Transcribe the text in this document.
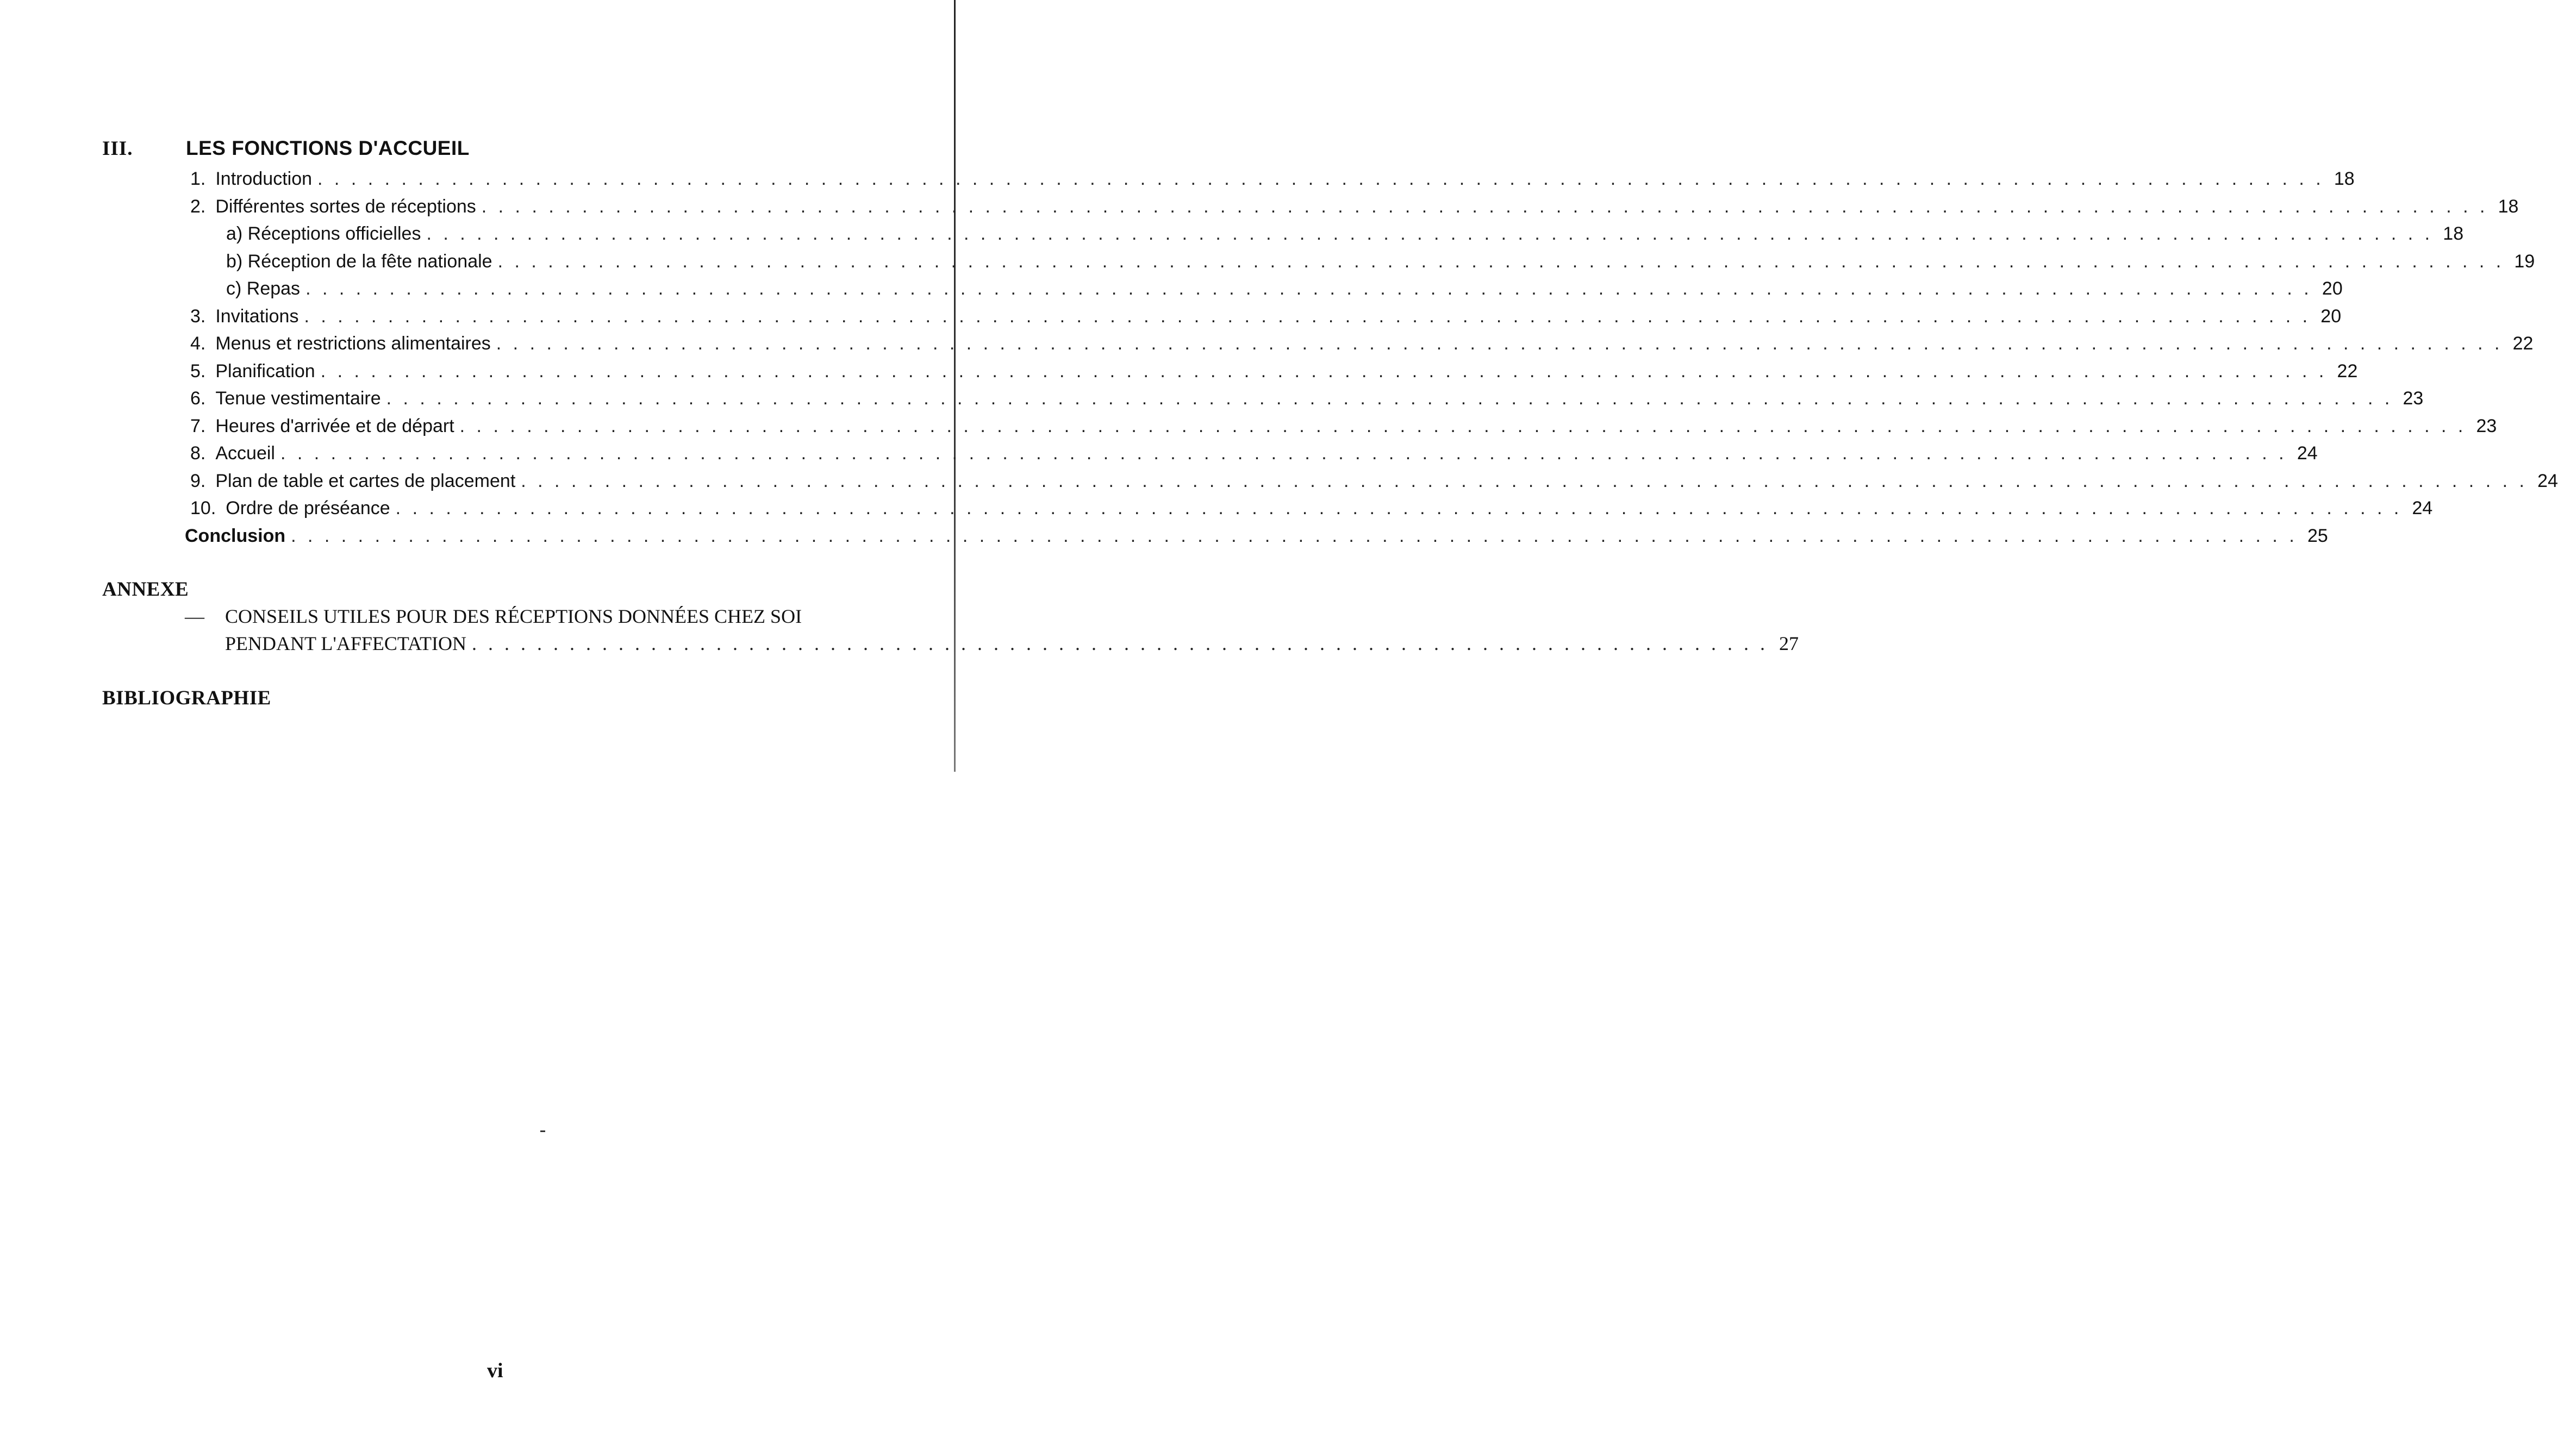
III.	LES FONCTIONS D'ACCUEIL
1. Introduction . . . . . . . . . . . . . . . . . . . . . . . . . . . . . . . . . . . . . . . . . . . . . . . . . . . . . . . . . . . . . . . . . . . . . . . . . . . . . . . . . . . . . . . . . . . . . . . . . . . . . . . . . . . . . . . . . . . . . . . . 18
2. Différentes sortes de réceptions . . . . . . . . . . . . . . . . . . . . . . . . . . . . . . . . . . . . . . . . . . . . . . . . . . . . . . . . . . . . . . . . . . . . . . . . . . . . . . . . . . . . . . . . . . . . . . . . . . . . . . . . . . . . . . . . . . . . . . . . 18
a) Réceptions officielles . . . . . . . . . . . . . . . . . . . . . . . . . . . . . . . . . . . . . . . . . . . . . . . . . . . . . . . . . . . . . . . . . . . . . . . . . . . . . . . . . . . . . . . . . . . . . . . . . . . . . . . . . . . . . . . . . . . . . . . . 18
b) Réception de la fête nationale . . . . . . . . . . . . . . . . . . . . . . . . . . . . . . . . . . . . . . . . . . . . . . . . . . . . . . . . . . . . . . . . . . . . . . . . . . . . . . . . . . . . . . . . . . . . . . . . . . . . . . . . . . . . . . . . . . . . . . . . 19
c) Repas . . . . . . . . . . . . . . . . . . . . . . . . . . . . . . . . . . . . . . . . . . . . . . . . . . . . . . . . . . . . . . . . . . . . . . . . . . . . . . . . . . . . . . . . . . . . . . . . . . . . . . . . . . . . . . . . . . . . . . . . 20
3. Invitations . . . . . . . . . . . . . . . . . . . . . . . . . . . . . . . . . . . . . . . . . . . . . . . . . . . . . . . . . . . . . . . . . . . . . . . . . . . . . . . . . . . . . . . . . . . . . . . . . . . . . . . . . . . . . . . . . . . . . . . . 20
4. Menus et restrictions alimentaires . . . . . . . . . . . . . . . . . . . . . . . . . . . . . . . . . . . . . . . . . . . . . . . . . . . . . . . . . . . . . . . . . . . . . . . . . . . . . . . . . . . . . . . . . . . . . . . . . . . . . . . . . . . . . . . . . . . . . . . . 22
5. Planification . . . . . . . . . . . . . . . . . . . . . . . . . . . . . . . . . . . . . . . . . . . . . . . . . . . . . . . . . . . . . . . . . . . . . . . . . . . . . . . . . . . . . . . . . . . . . . . . . . . . . . . . . . . . . . . . . . . . . . . . 22
6. Tenue vestimentaire . . . . . . . . . . . . . . . . . . . . . . . . . . . . . . . . . . . . . . . . . . . . . . . . . . . . . . . . . . . . . . . . . . . . . . . . . . . . . . . . . . . . . . . . . . . . . . . . . . . . . . . . . . . . . . . . . . . . . . . . 23
7. Heures d'arrivée et de départ . . . . . . . . . . . . . . . . . . . . . . . . . . . . . . . . . . . . . . . . . . . . . . . . . . . . . . . . . . . . . . . . . . . . . . . . . . . . . . . . . . . . . . . . . . . . . . . . . . . . . . . . . . . . . . . . . . . . . . . . 23
8. Accueil . . . . . . . . . . . . . . . . . . . . . . . . . . . . . . . . . . . . . . . . . . . . . . . . . . . . . . . . . . . . . . . . . . . . . . . . . . . . . . . . . . . . . . . . . . . . . . . . . . . . . . . . . . . . . . . . . . . . . . . . 24
9. Plan de table et cartes de placement . . . . . . . . . . . . . . . . . . . . . . . . . . . . . . . . . . . . . . . . . . . . . . . . . . . . . . . . . . . . . . . . . . . . . . . . . . . . . . . . . . . . . . . . . . . . . . . . . . . . . . . . . . . . . . . . . . . . . . . . 24
10. Ordre de préséance . . . . . . . . . . . . . . . . . . . . . . . . . . . . . . . . . . . . . . . . . . . . . . . . . . . . . . . . . . . . . . . . . . . . . . . . . . . . . . . . . . . . . . . . . . . . . . . . . . . . . . . . . . . . . . . . . . . . . . . . 24
Conclusion . . . . . . . . . . . . . . . . . . . . . . . . . . . . . . . . . . . . . . . . . . . . . . . . . . . . . . . . . . . . . . . . . . . . . . . . . . . . . . . . . . . . . . . . . . . . . . . . . . . . . . . . . . . . . . . . . . . . . . . . 25
ANNEXE
— CONSEILS UTILES POUR DES RÉCEPTIONS DONNÉES CHEZ SOI
PENDANT L'AFFECTATION . . . . . . . . . . . . . . . . . . . . . . . . . . . . . . . . . . . . . . . . . . . . . . . . . . . . . . . . . . . . . . . . . . . . . . . . . . . . . . . . 27
BIBLIOGRAPHIE
vi
